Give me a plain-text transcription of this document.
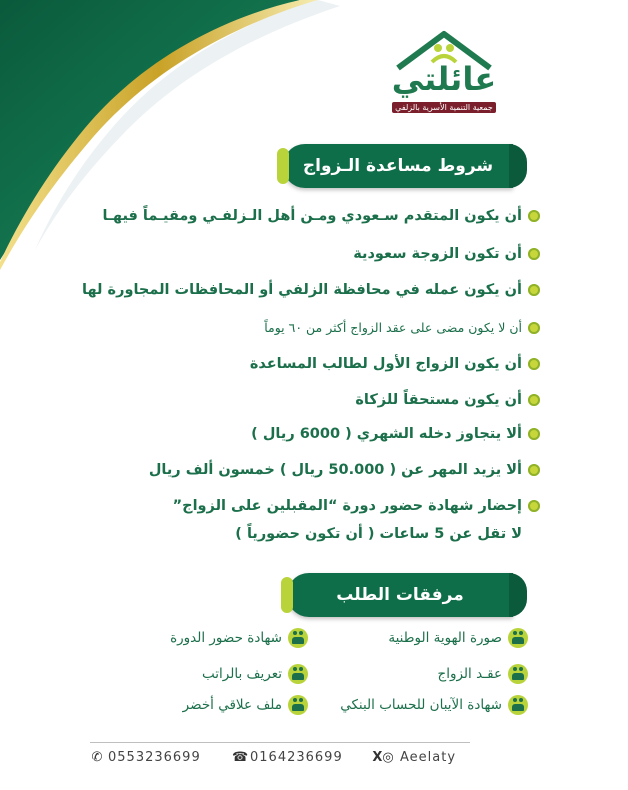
عائلتي
جمعية التنمية الأسرية بالزلفي
شروط مساعدة الـزواج
أن يكون المتقدم سـعودي ومـن أهل الـزلفـي ومقيـماً فيهـا
أن تكون الزوجة سعودية
أن يكون عمله في محافظة الزلفي أو المحافظات المجاورة لها
أن لا يكون مضى على عقد الزواج أكثر من ٦٠ يوماً
أن يكون الزواج الأول لطالب المساعدة
أن يكون مستحقاً للزكاة
ألا يتجاوز دخله الشهري ( 6000 ريال )
ألا يزيد المهر عن ( 50.000 ريال ) خمسون ألف ريال
إحضار شهادة حضور دورة “المقبلين على الزواج”
لا تقل عن 5 ساعات ( أن تكون حضورياً )
مرفقات الطلب
صورة الهوية الوطنية
عقـد الزواج
شهادة الآيبان للحساب البنكي
شهادة حضور الدورة
تعريف بالراتب
ملف علاقي أخضر
✆ 0553236699 ☎ 0164236699 X◎ Aeelaty
